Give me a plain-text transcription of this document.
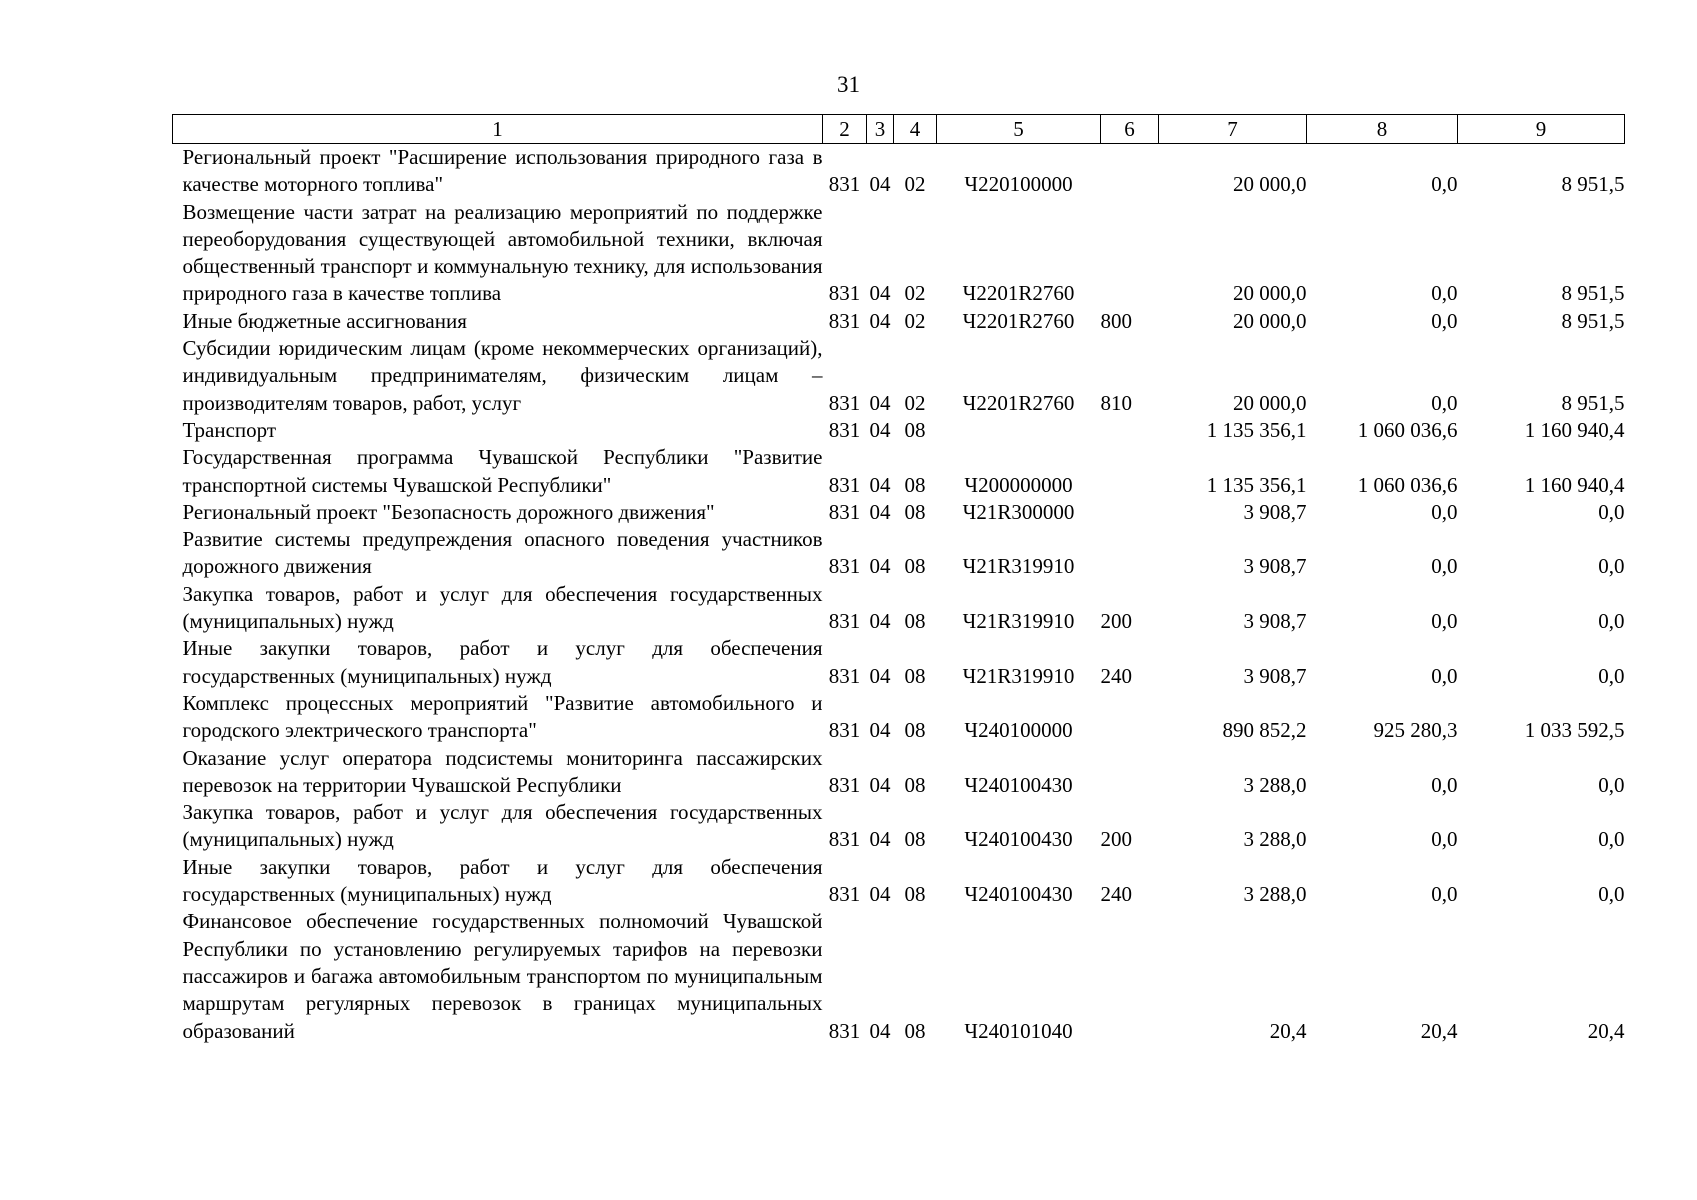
31
1	2	3	4	5	6	7	8	9
Региональный проект "Расширение использования природного газа в качестве моторного топлива"	831	04	02	Ч220100000		20 000,0	0,0	8 951,5
Возмещение части затрат на реализацию мероприятий по поддержке переоборудования существующей автомобильной техники, включая общественный транспорт и коммунальную технику, для использования природного газа в качестве топлива	831	04	02	Ч2201R2760		20 000,0	0,0	8 951,5
Иные бюджетные ассигнования	831	04	02	Ч2201R2760	800	20 000,0	0,0	8 951,5
Субсидии юридическим лицам (кроме некоммерческих организаций), индивидуальным предпринимателям, физическим лицам – производителям товаров, работ, услуг	831	04	02	Ч2201R2760	810	20 000,0	0,0	8 951,5
Транспорт	831	04	08			1 135 356,1	1 060 036,6	1 160 940,4
Государственная программа Чувашской Республики "Развитие транспортной системы Чувашской Республики"	831	04	08	Ч200000000		1 135 356,1	1 060 036,6	1 160 940,4
Региональный проект "Безопасность дорожного движения"	831	04	08	Ч21R300000		3 908,7	0,0	0,0
Развитие системы предупреждения опасного поведения участников дорожного движения	831	04	08	Ч21R319910		3 908,7	0,0	0,0
Закупка товаров, работ и услуг для обеспечения государственных (муниципальных) нужд	831	04	08	Ч21R319910	200	3 908,7	0,0	0,0
Иные закупки товаров, работ и услуг для обеспечения государственных (муниципальных) нужд	831	04	08	Ч21R319910	240	3 908,7	0,0	0,0
Комплекс процессных мероприятий "Развитие автомобильного и городского электрического транспорта"	831	04	08	Ч240100000		890 852,2	925 280,3	1 033 592,5
Оказание услуг оператора подсистемы мониторинга пассажирских перевозок на территории Чувашской Республики	831	04	08	Ч240100430		3 288,0	0,0	0,0
Закупка товаров, работ и услуг для обеспечения государственных (муниципальных) нужд	831	04	08	Ч240100430	200	3 288,0	0,0	0,0
Иные закупки товаров, работ и услуг для обеспечения государственных (муниципальных) нужд	831	04	08	Ч240100430	240	3 288,0	0,0	0,0
Финансовое обеспечение государственных полномочий Чувашской Республики по установлению регулируемых тарифов на перевозки пассажиров и багажа автомобильным транспортом по муниципальным маршрутам регулярных перевозок в границах муниципальных образований	831	04	08	Ч240101040		20,4	20,4	20,4
